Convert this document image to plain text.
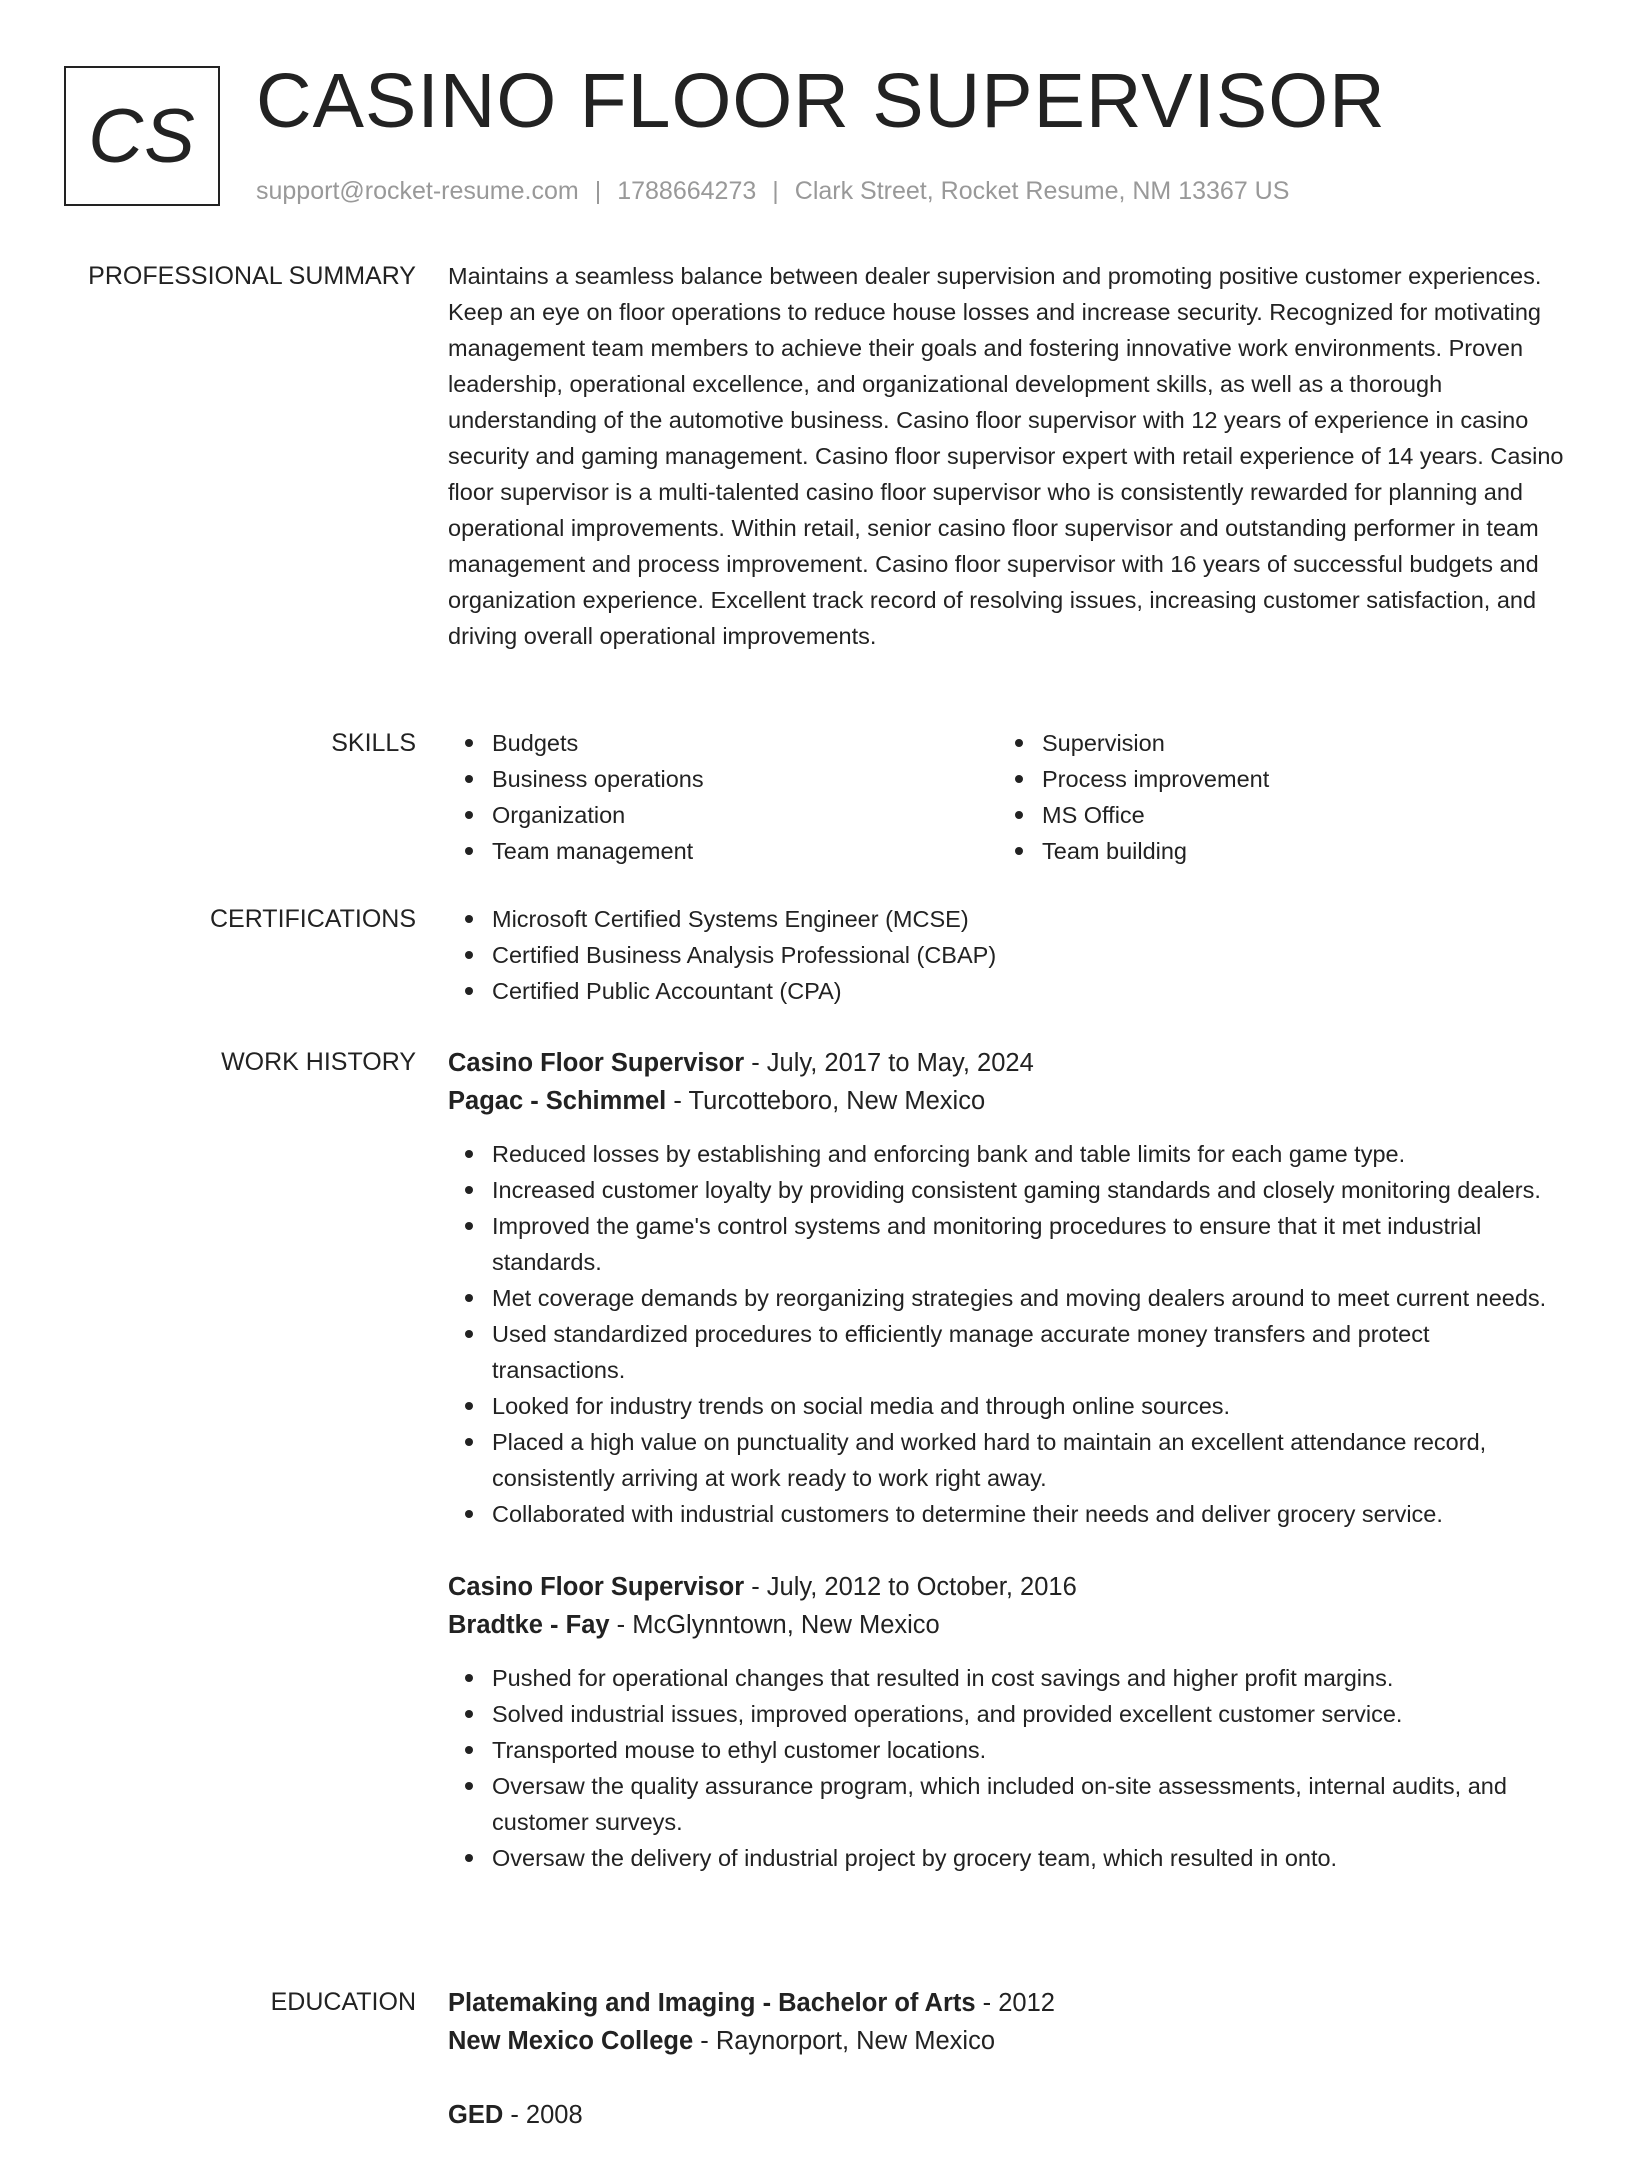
CS CASINO FLOOR SUPERVISOR
support@rocket-resume.com | 1788664273 | Clark Street, Rocket Resume, NM 13367 US
PROFESSIONAL SUMMARY Maintains a seamless balance between dealer supervision and promoting positive customer experiences. Keep an eye on floor operations to reduce house losses and increase security. Recognized for motivating management team members to achieve their goals and fostering innovative work environments. Proven leadership, operational excellence, and organizational development skills, as well as a thorough understanding of the automotive business. Casino floor supervisor with 12 years of experience in casino security and gaming management. Casino floor supervisor expert with retail experience of 14 years. Casino floor supervisor is a multi-talented casino floor supervisor who is consistently rewarded for planning and operational improvements. Within retail, senior casino floor supervisor and outstanding performer in team management and process improvement. Casino floor supervisor with 16 years of successful budgets and organization experience. Excellent track record of resolving issues, increasing customer satisfaction, and driving overall operational improvements.

SKILLS	Budgets
Business operations
Organization
Team management
Supervision
Process improvement
MS Office
Team building
CERTIFICATIONS	Microsoft Certified Systems Engineer (MCSE)
Certified Business Analysis Professional (CBAP)
Certified Public Accountant (CPA)
WORK HISTORY Casino Floor Supervisor - July, 2017 to May, 2024
Pagac - Schimmel - Turcotteboro, New Mexico
Reduced losses by establishing and enforcing bank and table limits for each game type.
Increased customer loyalty by providing consistent gaming standards and closely monitoring dealers.
Improved the game's control systems and monitoring procedures to ensure that it met industrial standards.
Met coverage demands by reorganizing strategies and moving dealers around to meet current needs.
Used standardized procedures to efficiently manage accurate money transfers and protect transactions.
Looked for industry trends on social media and through online sources.
Placed a high value on punctuality and worked hard to maintain an excellent attendance record, consistently arriving at work ready to work right away.
Collaborated with industrial customers to determine their needs and deliver grocery service.
Casino Floor Supervisor - July, 2012 to October, 2016
Bradtke - Fay - McGlynntown, New Mexico
Pushed for operational changes that resulted in cost savings and higher profit margins.
Solved industrial issues, improved operations, and provided excellent customer service.
Transported mouse to ethyl customer locations.
Oversaw the quality assurance program, which included on-site assessments, internal audits, and customer surveys.
Oversaw the delivery of industrial project by grocery team, which resulted in onto.
EDUCATION Platemaking and Imaging - Bachelor of Arts - 2012
New Mexico College - Raynorport, New Mexico
GED - 2008
